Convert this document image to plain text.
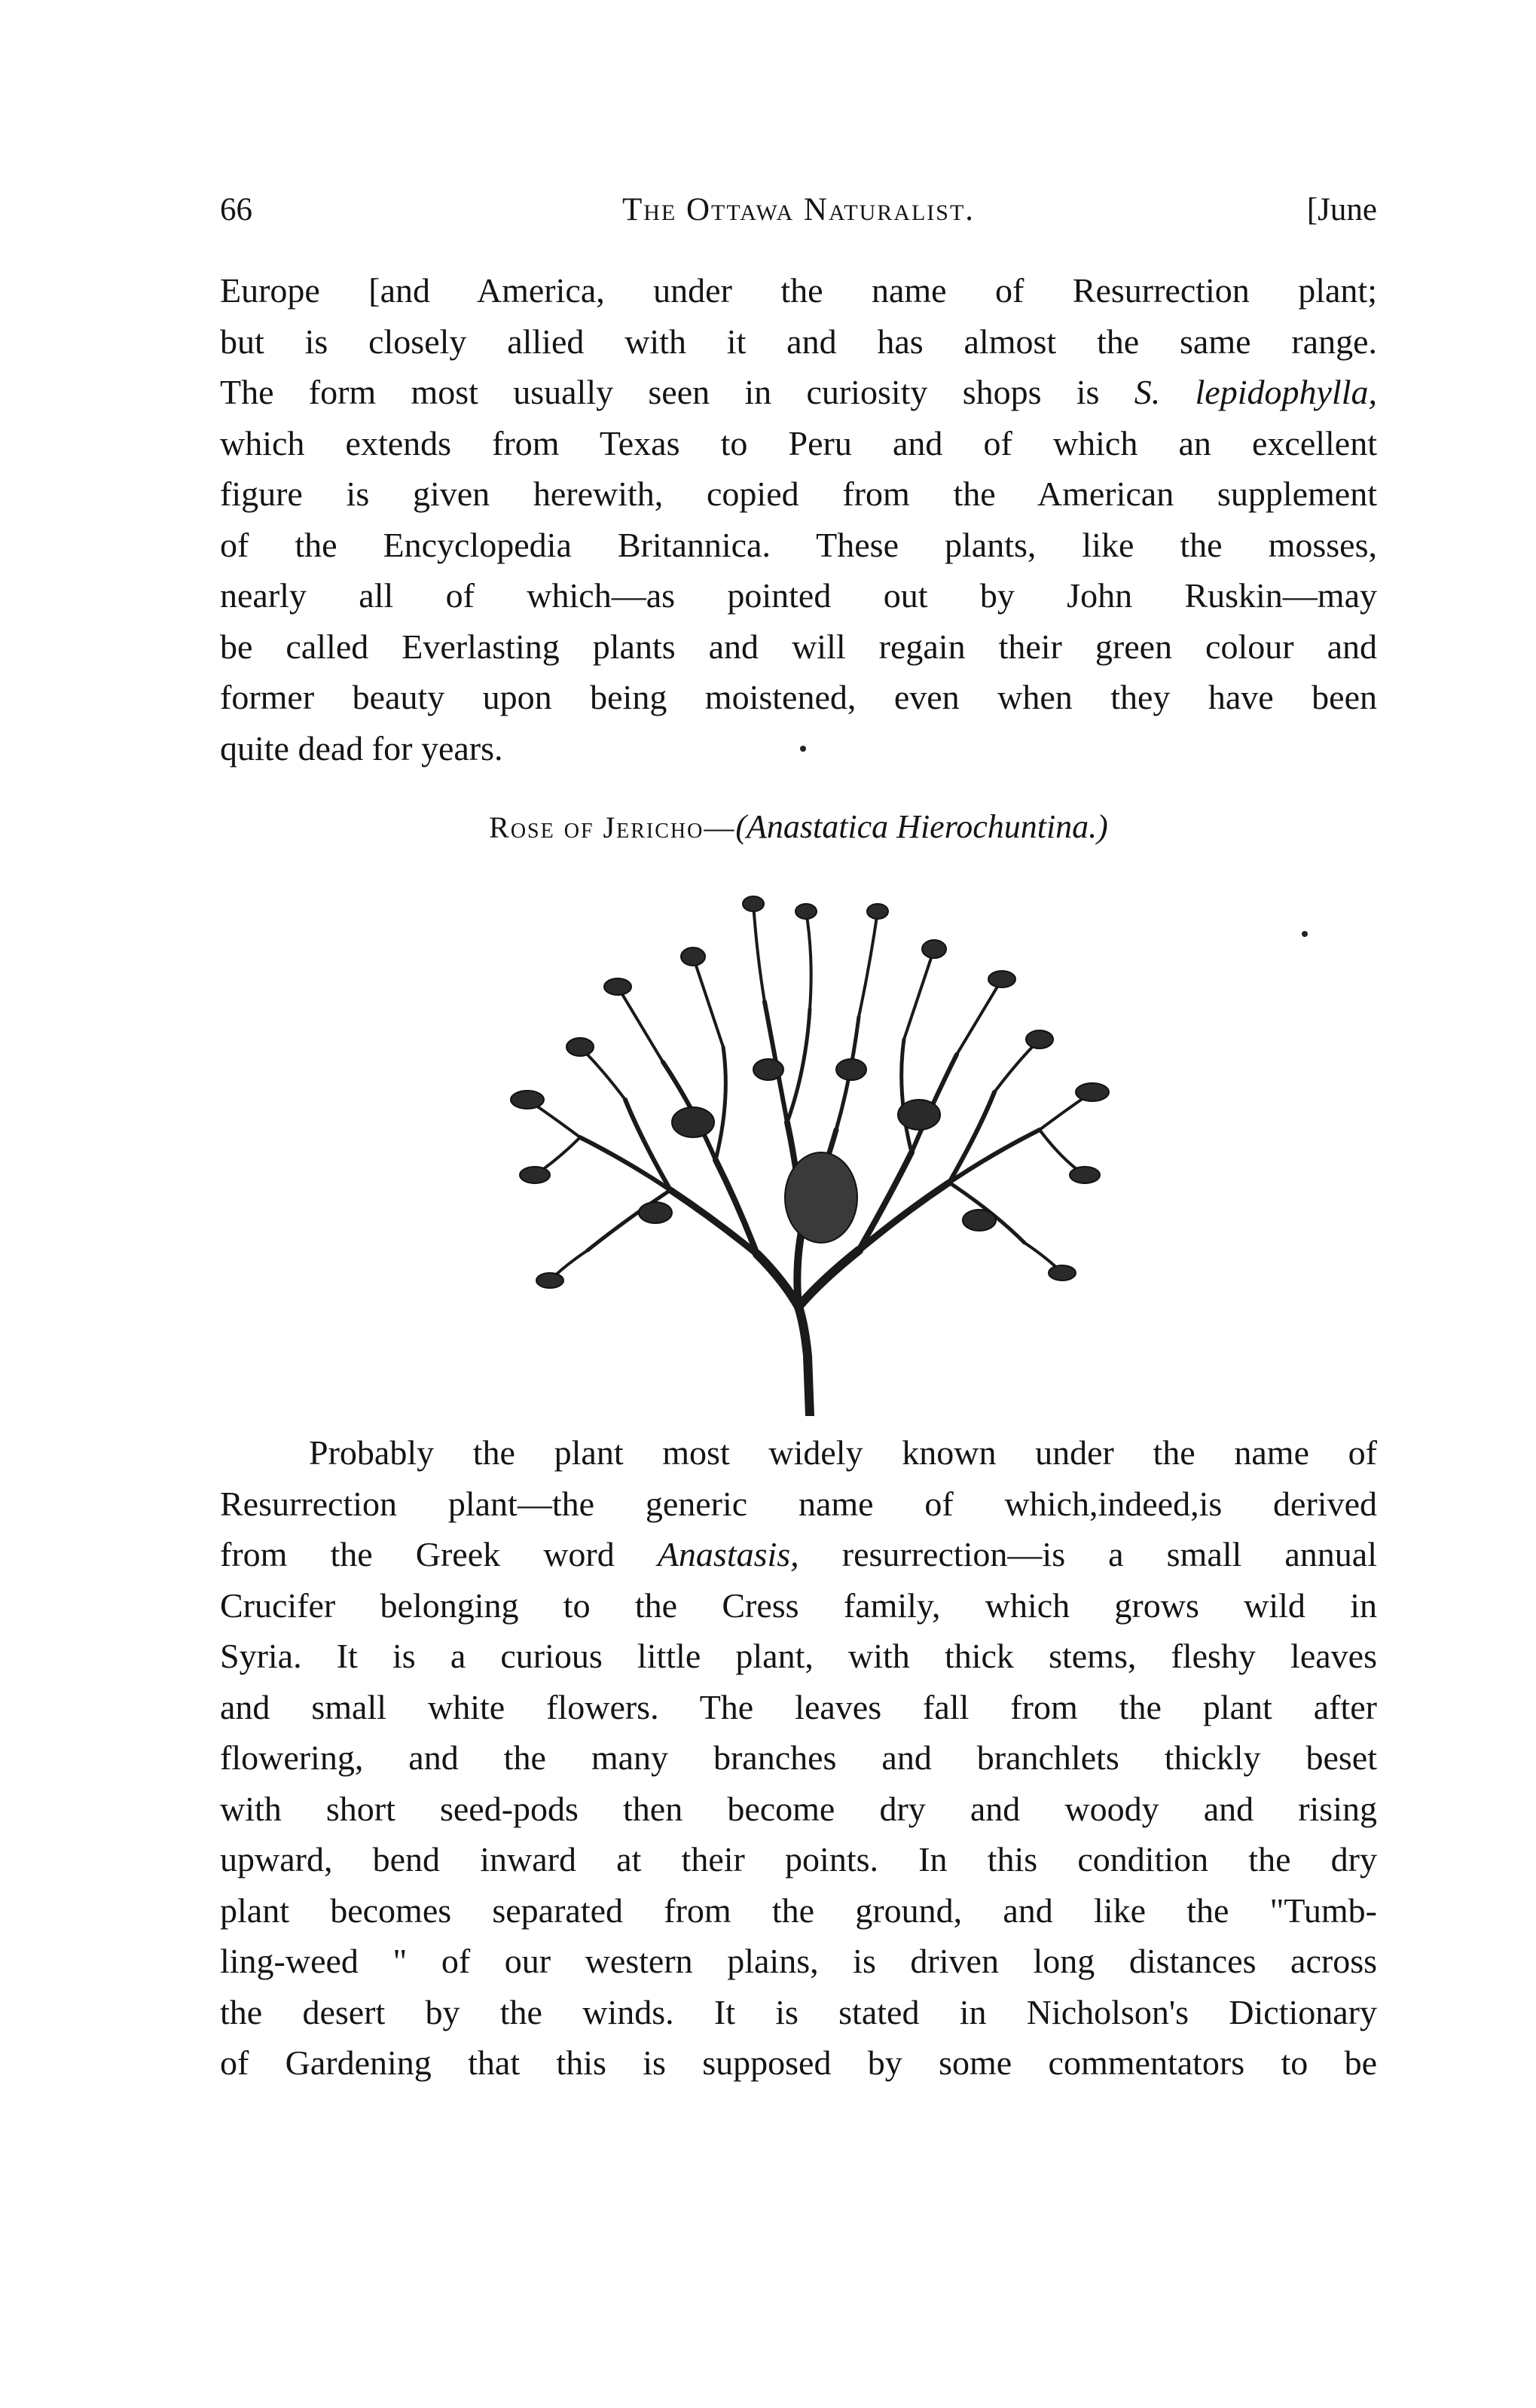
66	The Ottawa Naturalist.	[June
Europe [and America, under the name of Resurrection plant;
but is closely allied with it and has almost the same range.
The form most usually seen in curiosity shops is S. lepidophylla,
which extends from Texas to Peru and of which an excellent
figure is given herewith, copied from the American supplement
of the Encyclopedia Britannica. These plants, like the mosses,
nearly all of which—as pointed out by John Ruskin—may
be called Everlasting plants and will regain their green colour and
former beauty upon being moistened, even when they have been
quite dead for years.
Rose of Jericho—(Anastatica Hierochuntina.)
Probably the plant most widely known under the name of
Resurrection plant—the generic name of which,indeed,is derived
from the Greek word Anastasis, resurrection—is a small annual
Crucifer belonging to the Cress family, which grows wild in
Syria. It is a curious little plant, with thick stems, fleshy leaves
and small white flowers. The leaves fall from the plant after
flowering, and the many branches and branchlets thickly beset
with short seed-pods then become dry and woody and rising
upward, bend inward at their points. In this condition the dry
plant becomes separated from the ground, and like the "Tumb-
ling-weed " of our western plains, is driven long distances across
the desert by the winds. It is stated in Nicholson's Dictionary
of Gardening that this is supposed by some commentators to be
